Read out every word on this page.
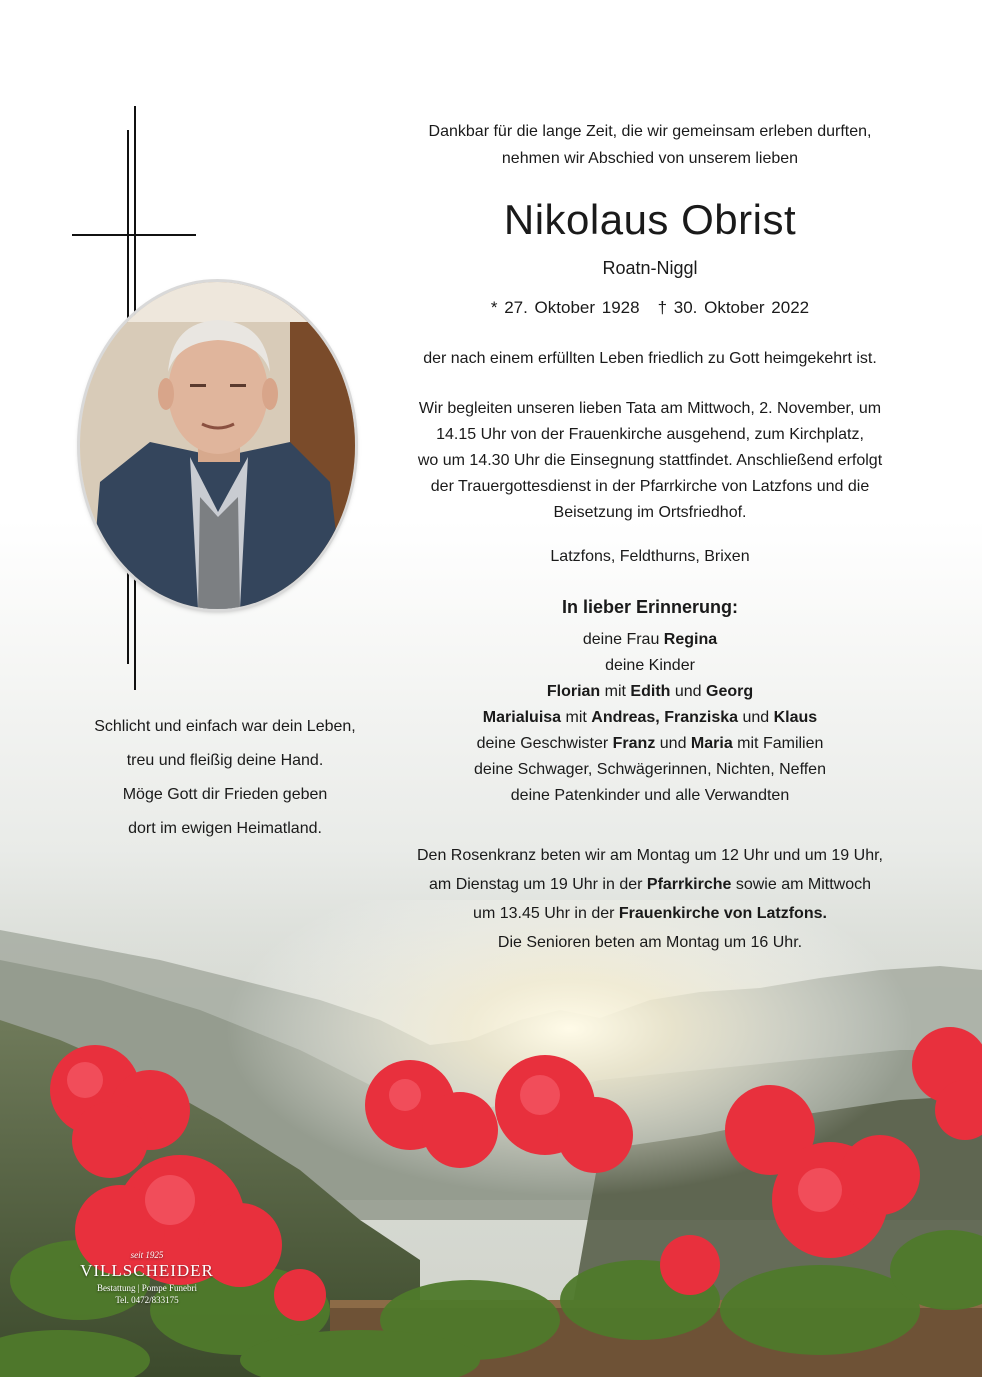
Dankbar für die lange Zeit, die wir gemeinsam erleben durften,
nehmen wir Abschied von unserem lieben
Nikolaus Obrist
Roatn-Niggl
* 27. Oktober 1928 † 30. Oktober 2022
der nach einem erfüllten Leben friedlich zu Gott heimgekehrt ist.
Wir begleiten unseren lieben Tata am Mittwoch, 2. November, um
14.15 Uhr von der Frauenkirche ausgehend, zum Kirchplatz,
wo um 14.30 Uhr die Einsegnung stattfindet. Anschließend erfolgt
der Trauergottesdienst in der Pfarrkirche von Latzfons und die
Beisetzung im Ortsfriedhof.
Latzfons, Feldthurns, Brixen
In lieber Erinnerung:
deine Frau Regina
deine Kinder
Florian mit Edith und Georg
Marialuisa mit Andreas, Franziska und Klaus
deine Geschwister Franz und Maria mit Familien
deine Schwager, Schwägerinnen, Nichten, Neffen
deine Patenkinder und alle Verwandten
Den Rosenkranz beten wir am Montag um 12 Uhr und um 19 Uhr,
am Dienstag um 19 Uhr in der Pfarrkirche sowie am Mittwoch
um 13.45 Uhr in der Frauenkirche von Latzfons.
Die Senioren beten am Montag um 16 Uhr.
Schlicht und einfach war dein Leben,
treu und fleißig deine Hand.
Möge Gott dir Frieden geben
dort im ewigen Heimatland.
seit 1925
VILLSCHEIDER
Bestattung | Pompe Funebri
Tel. 0472/833175
